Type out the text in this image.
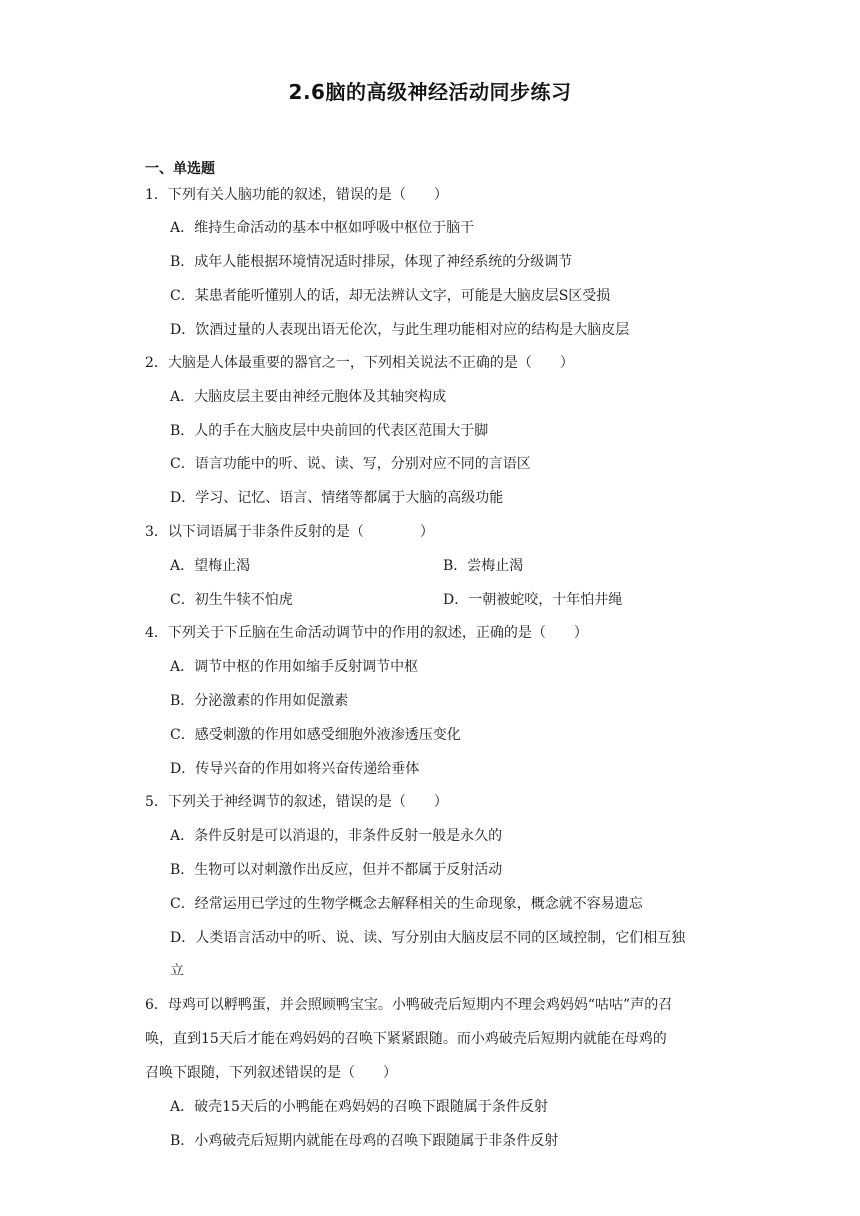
2.6脑的高级神经活动同步练习
一、单选题
1．下列有关人脑功能的叙述，错误的是（　　）
A．维持生命活动的基本中枢如呼吸中枢位于脑干
B．成年人能根据环境情况适时排尿，体现了神经系统的分级调节
C．某患者能听懂别人的话，却无法辨认文字，可能是大脑皮层S区受损
D．饮酒过量的人表现出语无伦次，与此生理功能相对应的结构是大脑皮层
2．大脑是人体最重要的器官之一，下列相关说法不正确的是（　　）
A．大脑皮层主要由神经元胞体及其轴突构成
B．人的手在大脑皮层中央前回的代表区范围大于脚
C．语言功能中的听、说、读、写，分别对应不同的言语区
D．学习、记忆、语言、情绪等都属于大脑的高级功能
3．以下词语属于非条件反射的是（　　　　）
A．望梅止渴	B．尝梅止渴
C．初生牛犊不怕虎	D．一朝被蛇咬，十年怕井绳
4．下列关于下丘脑在生命活动调节中的作用的叙述，正确的是（　　）
A．调节中枢的作用如缩手反射调节中枢
B．分泌激素的作用如促激素
C．感受刺激的作用如感受细胞外液渗透压变化
D．传导兴奋的作用如将兴奋传递给垂体
5．下列关于神经调节的叙述，错误的是（　　）
A．条件反射是可以消退的，非条件反射一般是永久的
B．生物可以对刺激作出反应，但并不都属于反射活动
C．经常运用已学过的生物学概念去解释相关的生命现象，概念就不容易遗忘
D．人类语言活动中的听、说、读、写分别由大脑皮层不同的区域控制，它们相互独
立
6．母鸡可以孵鸭蛋，并会照顾鸭宝宝。小鸭破壳后短期内不理会鸡妈妈“咕咕”声的召
唤，直到15天后才能在鸡妈妈的召唤下紧紧跟随。而小鸡破壳后短期内就能在母鸡的
召唤下跟随，下列叙述错误的是（　　）
A．破壳15天后的小鸭能在鸡妈妈的召唤下跟随属于条件反射
B．小鸡破壳后短期内就能在母鸡的召唤下跟随属于非条件反射
